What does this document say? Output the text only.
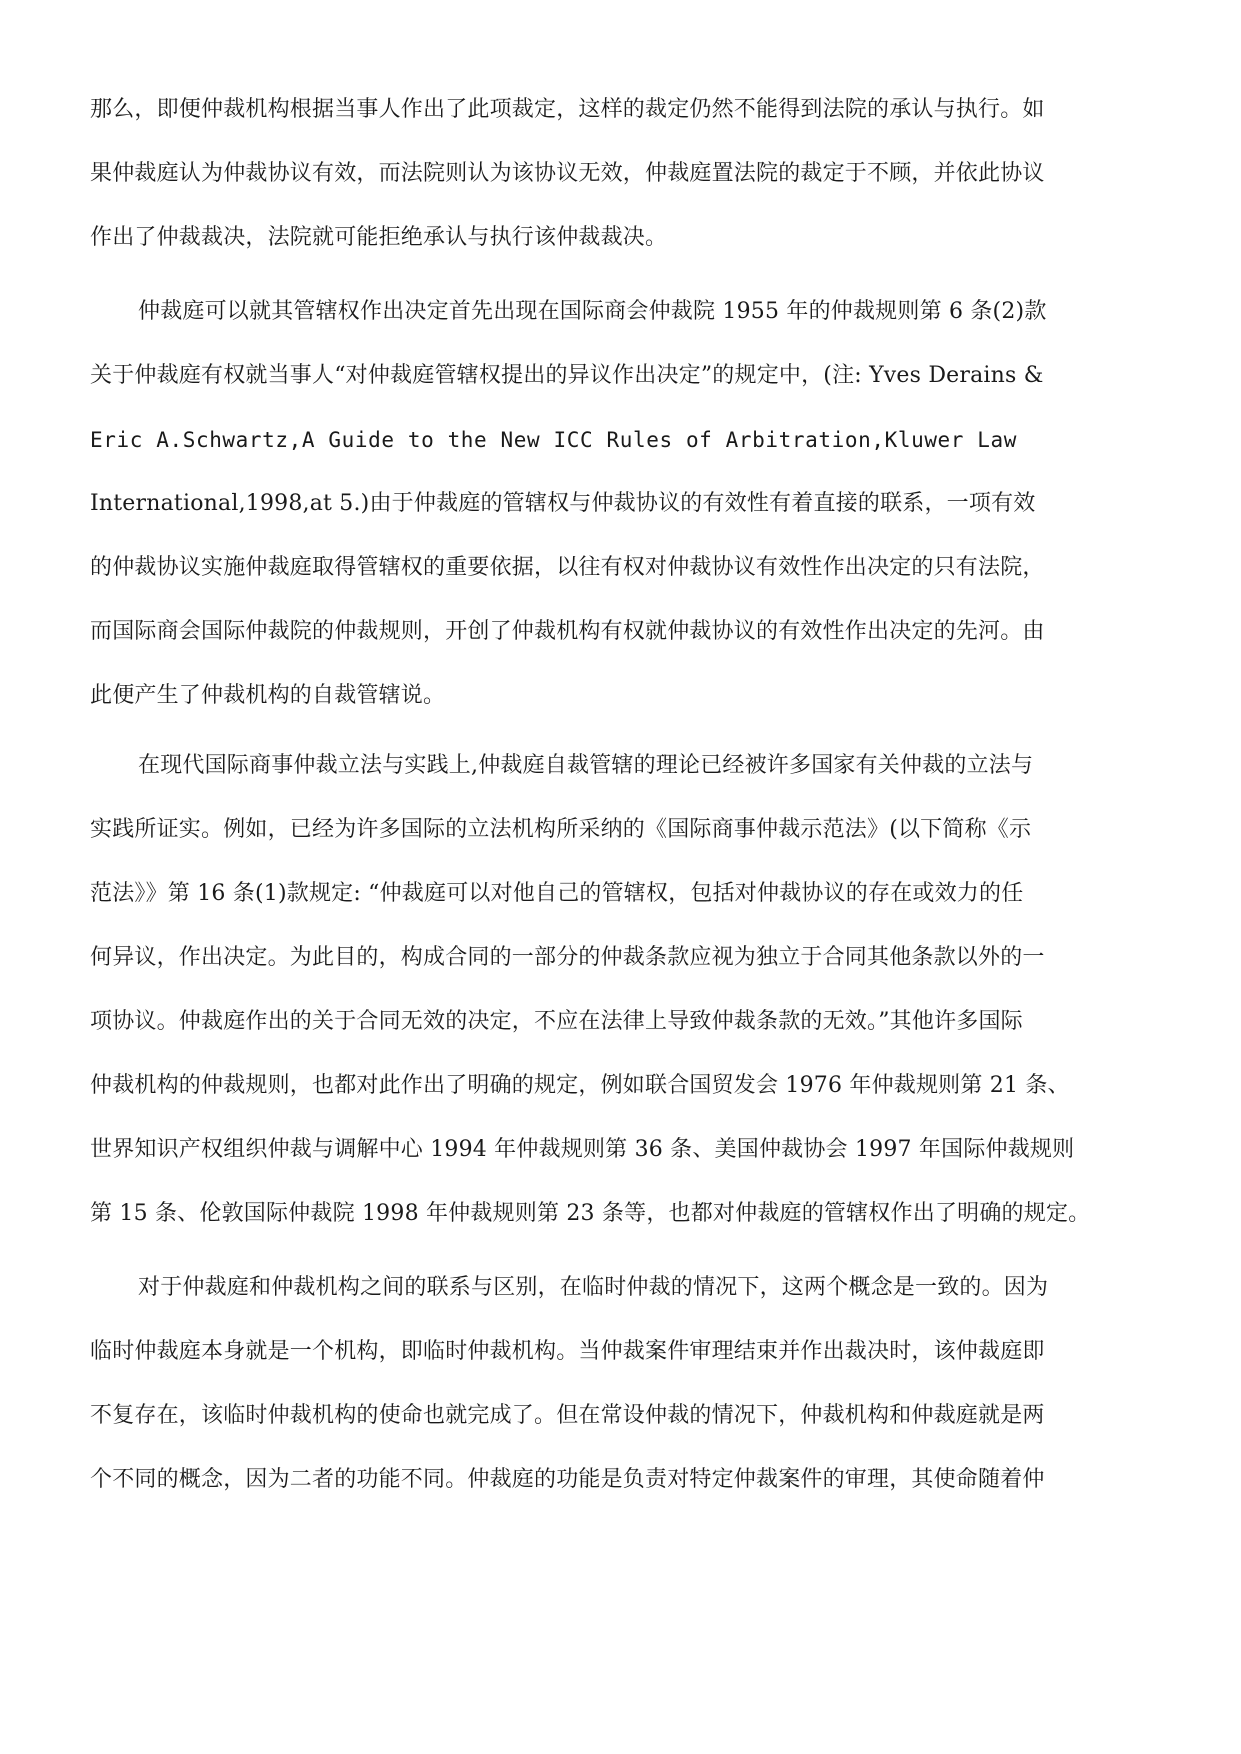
那么，即便仲裁机构根据当事人作出了此项裁定，这样的裁定仍然不能得到法院的承认与执行。如
果仲裁庭认为仲裁协议有效，而法院则认为该协议无效，仲裁庭置法院的裁定于不顾，并依此协议
作出了仲裁裁决，法院就可能拒绝承认与执行该仲裁裁决。

仲裁庭可以就其管辖权作出决定首先出现在国际商会仲裁院 1955 年的仲裁规则第 6 条(2)款
关于仲裁庭有权就当事人“对仲裁庭管辖权提出的异议作出决定”的规定中，(注: Yves Derains &
Eric A.Schwartz,A Guide to the New ICC Rules of Arbitration,Kluwer Law
International,1998,at 5.)由于仲裁庭的管辖权与仲裁协议的有效性有着直接的联系，一项有效
的仲裁协议实施仲裁庭取得管辖权的重要依据，以往有权对仲裁协议有效性作出决定的只有法院，
而国际商会国际仲裁院的仲裁规则，开创了仲裁机构有权就仲裁协议的有效性作出决定的先河。由
此便产生了仲裁机构的自裁管辖说。

在现代国际商事仲裁立法与实践上,仲裁庭自裁管辖的理论已经被许多国家有关仲裁的立法与
实践所证实。例如，已经为许多国际的立法机构所采纳的《国际商事仲裁示范法》(以下简称《示
范法》》第 16 条(1)款规定: “仲裁庭可以对他自己的管辖权，包括对仲裁协议的存在或效力的任
何异议，作出决定。为此目的，构成合同的一部分的仲裁条款应视为独立于合同其他条款以外的一
项协议。仲裁庭作出的关于合同无效的决定，不应在法律上导致仲裁条款的无效。”其他许多国际
仲裁机构的仲裁规则，也都对此作出了明确的规定，例如联合国贸发会 1976 年仲裁规则第 21 条、
世界知识产权组织仲裁与调解中心 1994 年仲裁规则第 36 条、美国仲裁协会 1997 年国际仲裁规则
第 15 条、伦敦国际仲裁院 1998 年仲裁规则第 23 条等，也都对仲裁庭的管辖权作出了明确的规定。

对于仲裁庭和仲裁机构之间的联系与区别，在临时仲裁的情况下，这两个概念是一致的。因为
临时仲裁庭本身就是一个机构，即临时仲裁机构。当仲裁案件审理结束并作出裁决时，该仲裁庭即
不复存在，该临时仲裁机构的使命也就完成了。但在常设仲裁的情况下，仲裁机构和仲裁庭就是两
个不同的概念，因为二者的功能不同。仲裁庭的功能是负责对特定仲裁案件的审理，其使命随着仲
